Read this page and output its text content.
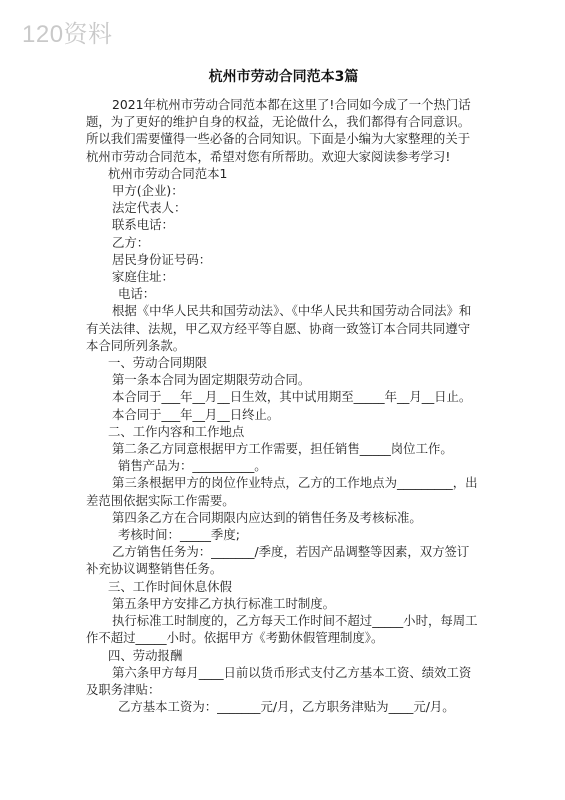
120资料
杭州市劳动合同范本3篇

2021年杭州市劳动合同范本都在这里了!合同如今成了一个热门话题，为了更好的维护自身的权益，无论做什么，我们都得有合同意识。所以我们需要懂得一些必备的合同知识。下面是小编为大家整理的关于杭州市劳动合同范本，希望对您有所帮助。欢迎大家阅读参考学习!

杭州市劳动合同范本1

甲方(企业)：

法定代表人：

联系电话：

乙方：

居民身份证号码：

家庭住址：

电话：

根据《中华人民共和国劳动法》、《中华人民共和国劳动合同法》和有关法律、法规，甲乙双方经平等自愿、协商一致签订本合同共同遵守本合同所列条款。

一、劳动合同期限

第一条本合同为固定期限劳动合同。

本合同于___年__月__日生效，其中试用期至_____年__月__日止。

本合同于___年__月__日终止。

二、工作内容和工作地点

第二条乙方同意根据甲方工作需要，担任销售_____岗位工作。

销售产品为：__________。

第三条根据甲方的岗位作业特点，乙方的工作地点为_________，出差范围依据实际工作需要。

第四条乙方在合同期限内应达到的销售任务及考核标准。

考核时间：_____季度;

乙方销售任务为：_______/季度，若因产品调整等因素，双方签订补充协议调整销售任务。

三、工作时间休息休假

第五条甲方安排乙方执行标准工时制度。

执行标准工时制度的，乙方每天工作时间不超过_____小时，每周工作不超过_____小时。依据甲方《考勤休假管理制度》。

四、劳动报酬

第六条甲方每月____日前以货币形式支付乙方基本工资、绩效工资及职务津贴：

乙方基本工资为：_______元/月，乙方职务津贴为____元/月。
